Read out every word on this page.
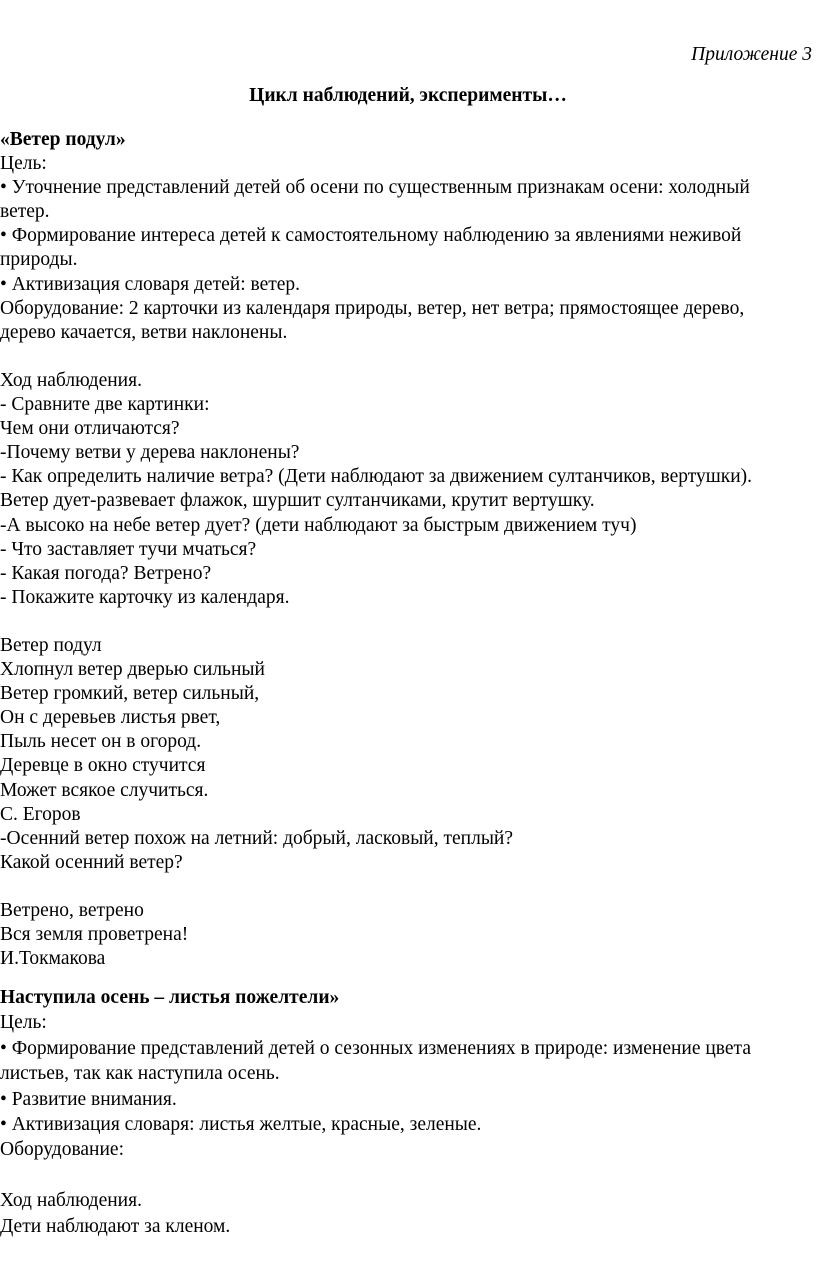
Приложение 3
Цикл наблюдений, эксперименты…
«Ветер подул»
Цель:
• Уточнение представлений детей об осени по существенным признакам осени: холодный
ветер.
• Формирование интереса детей к самостоятельному наблюдению за явлениями неживой
природы.
• Активизация словаря детей: ветер.
Оборудование: 2 карточки из календаря природы, ветер, нет ветра; прямостоящее дерево,
дерево качается, ветви наклонены.
Ход наблюдения.
- Сравните две картинки:
Чем они отличаются?
-Почему ветви у дерева наклонены?
- Как определить наличие ветра? (Дети наблюдают за движением султанчиков, вертушки).
Ветер дует-развевает флажок, шуршит султанчиками, крутит вертушку.
-А высоко на небе ветер дует? (дети наблюдают за быстрым движением туч)
- Что заставляет тучи мчаться?
- Какая погода? Ветрено?
- Покажите карточку из календаря.
Ветер подул
Хлопнул ветер дверью сильный
Ветер громкий, ветер сильный,
Он с деревьев листья рвет,
Пыль несет он в огород.
Деревце в окно стучится
Может всякое случиться.
С. Егоров
-Осенний ветер похож на летний: добрый, ласковый, теплый?
Какой осенний ветер?
Ветрено, ветрено
Вся земля проветрена!
И.Токмакова
Наступила осень – листья пожелтели»
Цель:
• Формирование представлений детей о сезонных изменениях в природе: изменение цвета
листьев, так как наступила осень.
• Развитие внимания.
• Активизация словаря: листья желтые, красные, зеленые.
Оборудование:
Ход наблюдения.
Дети наблюдают за кленом.
